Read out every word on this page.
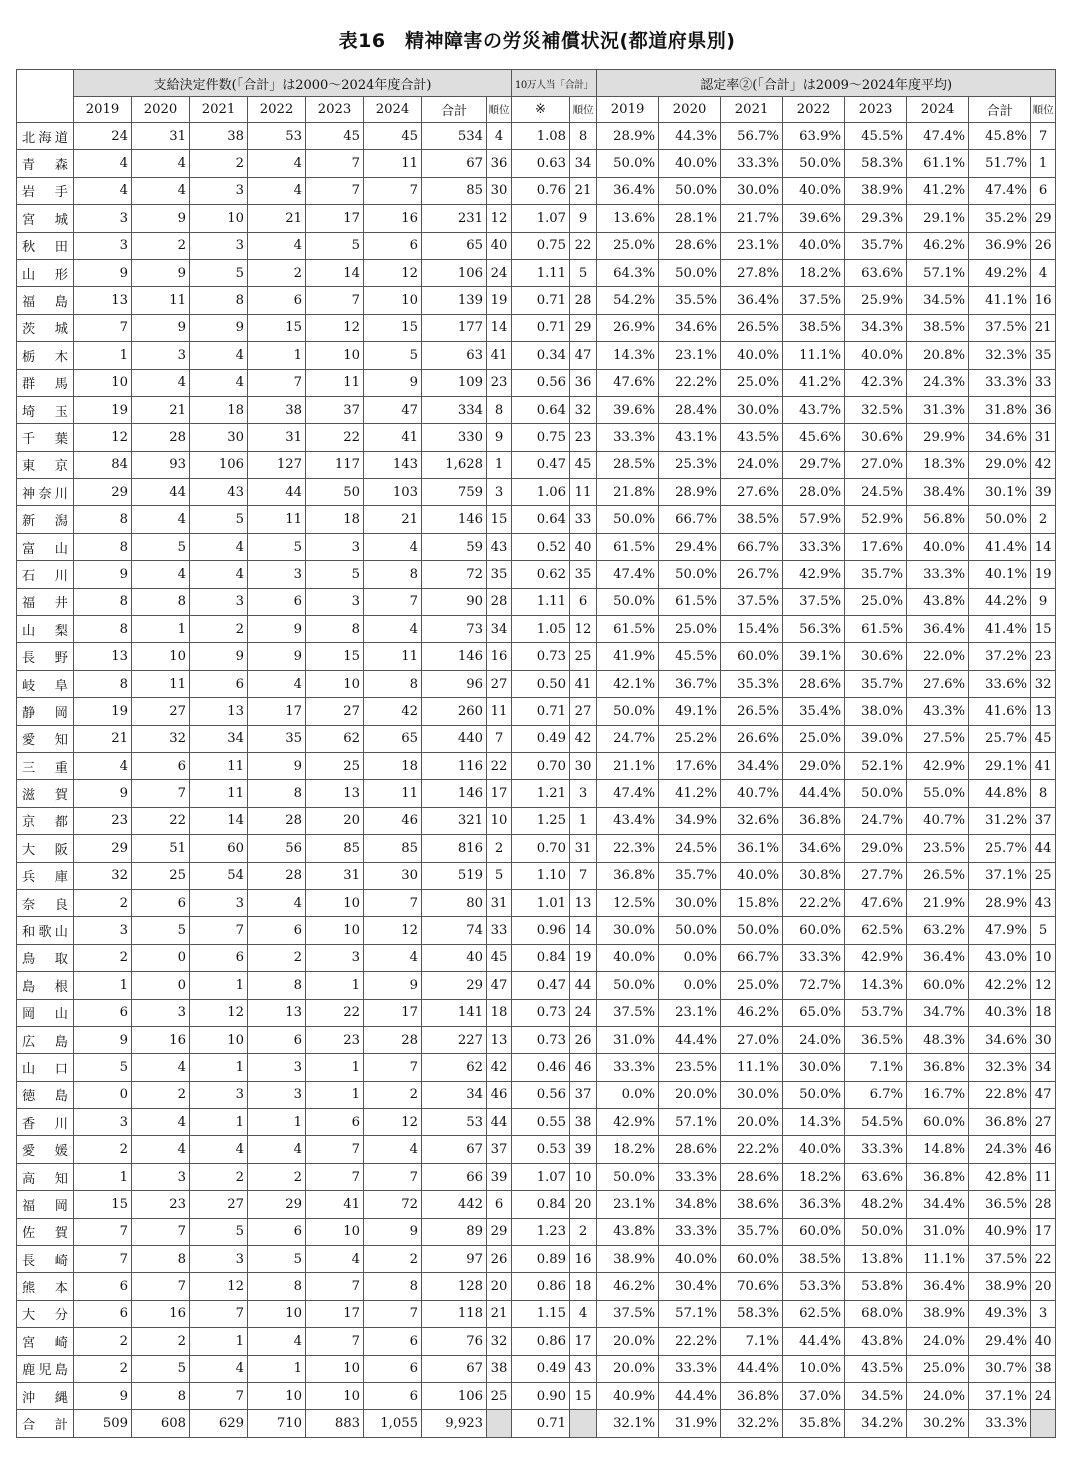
表16　精神障害の労災補償状況(都道府県別)
	支給決定件数(「合計」は2000～2024年度合計)								10万人当「合計」		認定率②(「合計」は2009～2024年度平均)							
	2019	2020	2021	2022	2023	2024	合計	順位	※	順位	2019	2020	2021	2022	2023	2024	合計	順位
北海道	24	31	38	53	45	45	534	4	1.08	8	28.9%	44.3%	56.7%	63.9%	45.5%	47.4%	45.8%	7
青森	4	4	2	4	7	11	67	36	0.63	34	50.0%	40.0%	33.3%	50.0%	58.3%	61.1%	51.7%	1
岩手	4	4	3	4	7	7	85	30	0.76	21	36.4%	50.0%	30.0%	40.0%	38.9%	41.2%	47.4%	6
宮城	3	9	10	21	17	16	231	12	1.07	9	13.6%	28.1%	21.7%	39.6%	29.3%	29.1%	35.2%	29
秋田	3	2	3	4	5	6	65	40	0.75	22	25.0%	28.6%	23.1%	40.0%	35.7%	46.2%	36.9%	26
山形	9	9	5	2	14	12	106	24	1.11	5	64.3%	50.0%	27.8%	18.2%	63.6%	57.1%	49.2%	4
福島	13	11	8	6	7	10	139	19	0.71	28	54.2%	35.5%	36.4%	37.5%	25.9%	34.5%	41.1%	16
茨城	7	9	9	15	12	15	177	14	0.71	29	26.9%	34.6%	26.5%	38.5%	34.3%	38.5%	37.5%	21
栃木	1	3	4	1	10	5	63	41	0.34	47	14.3%	23.1%	40.0%	11.1%	40.0%	20.8%	32.3%	35
群馬	10	4	4	7	11	9	109	23	0.56	36	47.6%	22.2%	25.0%	41.2%	42.3%	24.3%	33.3%	33
埼玉	19	21	18	38	37	47	334	8	0.64	32	39.6%	28.4%	30.0%	43.7%	32.5%	31.3%	31.8%	36
千葉	12	28	30	31	22	41	330	9	0.75	23	33.3%	43.1%	43.5%	45.6%	30.6%	29.9%	34.6%	31
東京	84	93	106	127	117	143	1,628	1	0.47	45	28.5%	25.3%	24.0%	29.7%	27.0%	18.3%	29.0%	42
神奈川	29	44	43	44	50	103	759	3	1.06	11	21.8%	28.9%	27.6%	28.0%	24.5%	38.4%	30.1%	39
新潟	8	4	5	11	18	21	146	15	0.64	33	50.0%	66.7%	38.5%	57.9%	52.9%	56.8%	50.0%	2
富山	8	5	4	5	3	4	59	43	0.52	40	61.5%	29.4%	66.7%	33.3%	17.6%	40.0%	41.4%	14
石川	9	4	4	3	5	8	72	35	0.62	35	47.4%	50.0%	26.7%	42.9%	35.7%	33.3%	40.1%	19
福井	8	8	3	6	3	7	90	28	1.11	6	50.0%	61.5%	37.5%	37.5%	25.0%	43.8%	44.2%	9
山梨	8	1	2	9	8	4	73	34	1.05	12	61.5%	25.0%	15.4%	56.3%	61.5%	36.4%	41.4%	15
長野	13	10	9	9	15	11	146	16	0.73	25	41.9%	45.5%	60.0%	39.1%	30.6%	22.0%	37.2%	23
岐阜	8	11	6	4	10	8	96	27	0.50	41	42.1%	36.7%	35.3%	28.6%	35.7%	27.6%	33.6%	32
静岡	19	27	13	17	27	42	260	11	0.71	27	50.0%	49.1%	26.5%	35.4%	38.0%	43.3%	41.6%	13
愛知	21	32	34	35	62	65	440	7	0.49	42	24.7%	25.2%	26.6%	25.0%	39.0%	27.5%	25.7%	45
三重	4	6	11	9	25	18	116	22	0.70	30	21.1%	17.6%	34.4%	29.0%	52.1%	42.9%	29.1%	41
滋賀	9	7	11	8	13	11	146	17	1.21	3	47.4%	41.2%	40.7%	44.4%	50.0%	55.0%	44.8%	8
京都	23	22	14	28	20	46	321	10	1.25	1	43.4%	34.9%	32.6%	36.8%	24.7%	40.7%	31.2%	37
大阪	29	51	60	56	85	85	816	2	0.70	31	22.3%	24.5%	36.1%	34.6%	29.0%	23.5%	25.7%	44
兵庫	32	25	54	28	31	30	519	5	1.10	7	36.8%	35.7%	40.0%	30.8%	27.7%	26.5%	37.1%	25
奈良	2	6	3	4	10	7	80	31	1.01	13	12.5%	30.0%	15.8%	22.2%	47.6%	21.9%	28.9%	43
和歌山	3	5	7	6	10	12	74	33	0.96	14	30.0%	50.0%	50.0%	60.0%	62.5%	63.2%	47.9%	5
鳥取	2	0	6	2	3	4	40	45	0.84	19	40.0%	0.0%	66.7%	33.3%	42.9%	36.4%	43.0%	10
島根	1	0	1	8	1	9	29	47	0.47	44	50.0%	0.0%	25.0%	72.7%	14.3%	60.0%	42.2%	12
岡山	6	3	12	13	22	17	141	18	0.73	24	37.5%	23.1%	46.2%	65.0%	53.7%	34.7%	40.3%	18
広島	9	16	10	6	23	28	227	13	0.73	26	31.0%	44.4%	27.0%	24.0%	36.5%	48.3%	34.6%	30
山口	5	4	1	3	1	7	62	42	0.46	46	33.3%	23.5%	11.1%	30.0%	7.1%	36.8%	32.3%	34
徳島	0	2	3	3	1	2	34	46	0.56	37	0.0%	20.0%	30.0%	50.0%	6.7%	16.7%	22.8%	47
香川	3	4	1	1	6	12	53	44	0.55	38	42.9%	57.1%	20.0%	14.3%	54.5%	60.0%	36.8%	27
愛媛	2	4	4	4	7	4	67	37	0.53	39	18.2%	28.6%	22.2%	40.0%	33.3%	14.8%	24.3%	46
高知	1	3	2	2	7	7	66	39	1.07	10	50.0%	33.3%	28.6%	18.2%	63.6%	36.8%	42.8%	11
福岡	15	23	27	29	41	72	442	6	0.84	20	23.1%	34.8%	38.6%	36.3%	48.2%	34.4%	36.5%	28
佐賀	7	7	5	6	10	9	89	29	1.23	2	43.8%	33.3%	35.7%	60.0%	50.0%	31.0%	40.9%	17
長崎	7	8	3	5	4	2	97	26	0.89	16	38.9%	40.0%	60.0%	38.5%	13.8%	11.1%	37.5%	22
熊本	6	7	12	8	7	8	128	20	0.86	18	46.2%	30.4%	70.6%	53.3%	53.8%	36.4%	38.9%	20
大分	6	16	7	10	17	7	118	21	1.15	4	37.5%	57.1%	58.3%	62.5%	68.0%	38.9%	49.3%	3
宮崎	2	2	1	4	7	6	76	32	0.86	17	20.0%	22.2%	7.1%	44.4%	43.8%	24.0%	29.4%	40
鹿児島	2	5	4	1	10	6	67	38	0.49	43	20.0%	33.3%	44.4%	10.0%	43.5%	25.0%	30.7%	38
沖縄	9	8	7	10	10	6	106	25	0.90	15	40.9%	44.4%	36.8%	37.0%	34.5%	24.0%	37.1%	24
合計	509	608	629	710	883	1,055	9,923		0.71		32.1%	31.9%	32.2%	35.8%	34.2%	30.2%	33.3%	
